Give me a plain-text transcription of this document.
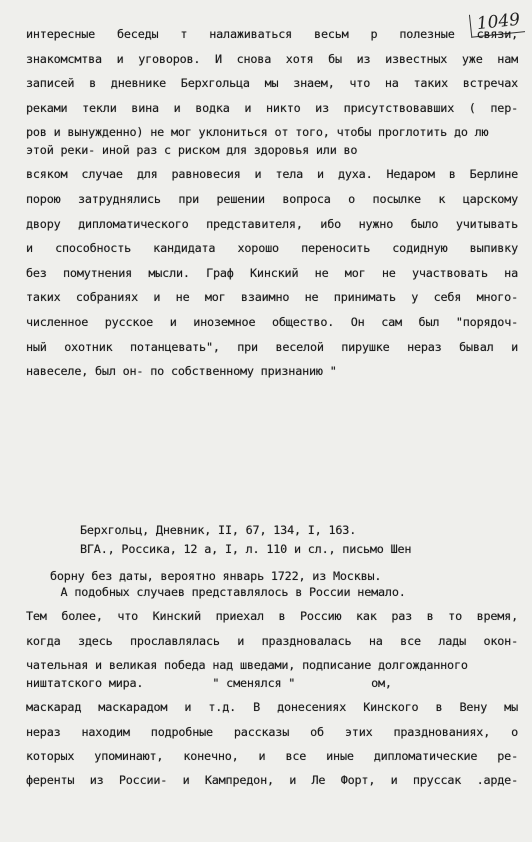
1049
интересные беседы т налаживаться весьм р полезные связи,
знакомсмтва и уговоров. И снова хотя бы из известных уже нам
записей в дневнике Берхгольца мы знаем, что на таких встречах
реками текли вина и водка и никто из присутствовавших ( пер-
ров и вынужденно) не мог уклониться от того, чтобы проглотить до лю этой реки- иной раз с риском для здоровья или во
всяком случае для равновесия и тела и духа. Недаром в Берлине
порою затруднялись при решении вопроса о посылке к царскому
двору дипломатического представителя, ибо нужно было учитывать
и способность кандидата хорошо переносить содидную выпивку
без помутнения мысли. Граф Кинский не мог не участвовать на
таких собраниях и не мог взаимно не принимать у себя много-
численное русское и иноземное общество. Он сам был "порядоч-
ный охотник потанцевать", при веселой пирушке нераз бывал и
навеселе, был он- по собственному признанию "
Берхгольц, Дневник, II, 67, 134, I, 163.
ВГА., Россика, 12 а, I, л. 110 и сл., письмо Шен
борну без даты, вероятно январь 1722, из Москвы.
А подобных случаев представлялось в России немало.
Тем более, что Кинский приехал в Россию как раз в то время,
когда здесь прославлялась и праздновалась на все лады окон-
чательная и великая победа над шведами, подписание долгожданного ништатского мира.          " сменялся "           ом,
маскарад маскарадом и т.д. В донесениях Кинского в Вену мы
нераз находим подробные рассказы об этих празднованиях, о
которых упоминают, конечно, и все иные дипломатические ре-
ференты из России- и Кампредон, и Ле Форт, и пруссак .ардe-
